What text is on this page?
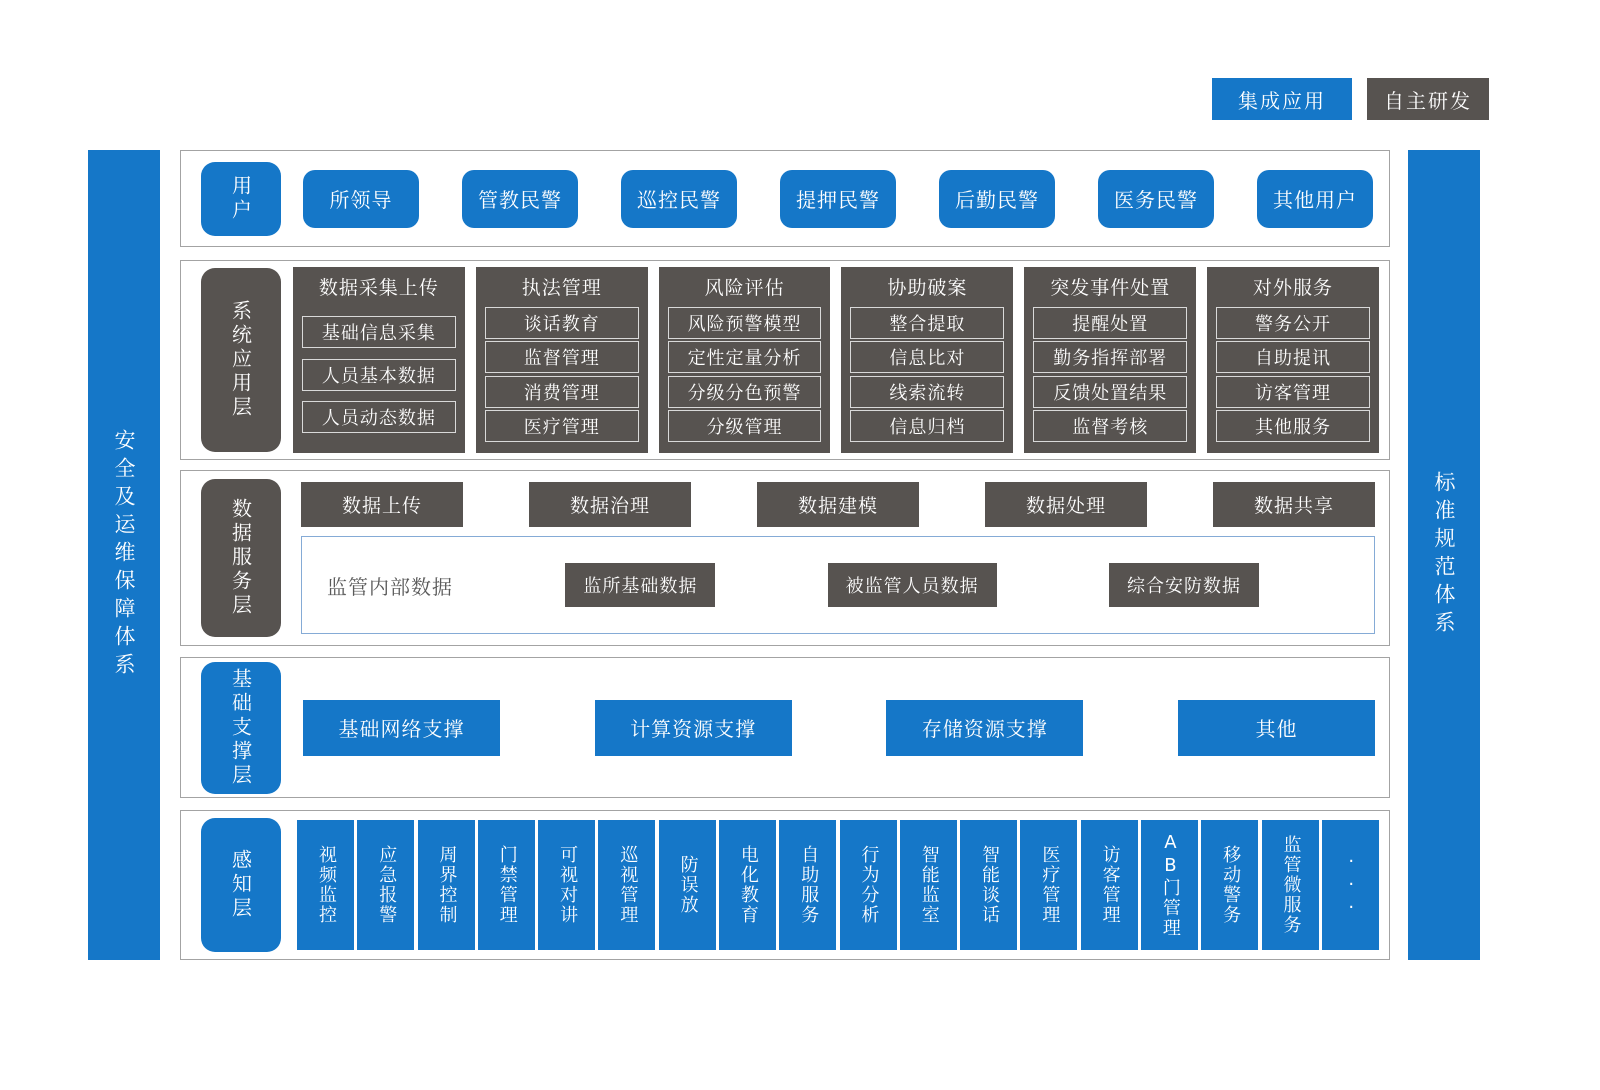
集成应用	自主研发
安全及运维保障体系	标准规范体系
用户	所领导	管教民警	巡控民警	提押民警	后勤民警	医务民警	其他用户
系统应用层
数据采集上传
基础信息采集
人员基本数据
人员动态数据
执法管理
谈话教育
监督管理
消费管理
医疗管理
风险评估
风险预警模型
定性定量分析
分级分色预警
分级管理
协助破案
整合提取
信息比对
线索流转
信息归档
突发事件处置
提醒处置
勤务指挥部署
反馈处置结果
监督考核
对外服务
警务公开
自助提讯
访客管理
其他服务
数据服务层	数据上传	数据治理	数据建模	数据处理	数据共享
监管内部数据	监所基础数据	被监管人员数据	综合安防数据
基础支撑层	基础网络支撑	计算资源支撑	存储资源支撑	其他
感知层	视频监控 应急报警 周界控制 门禁管理 可视对讲 巡视管理 防误放 电化教育 自助服务 行为分析 智能监室 智能谈话 医疗管理 访客管理 AB门管理 移动警务 监管微服务 ···
